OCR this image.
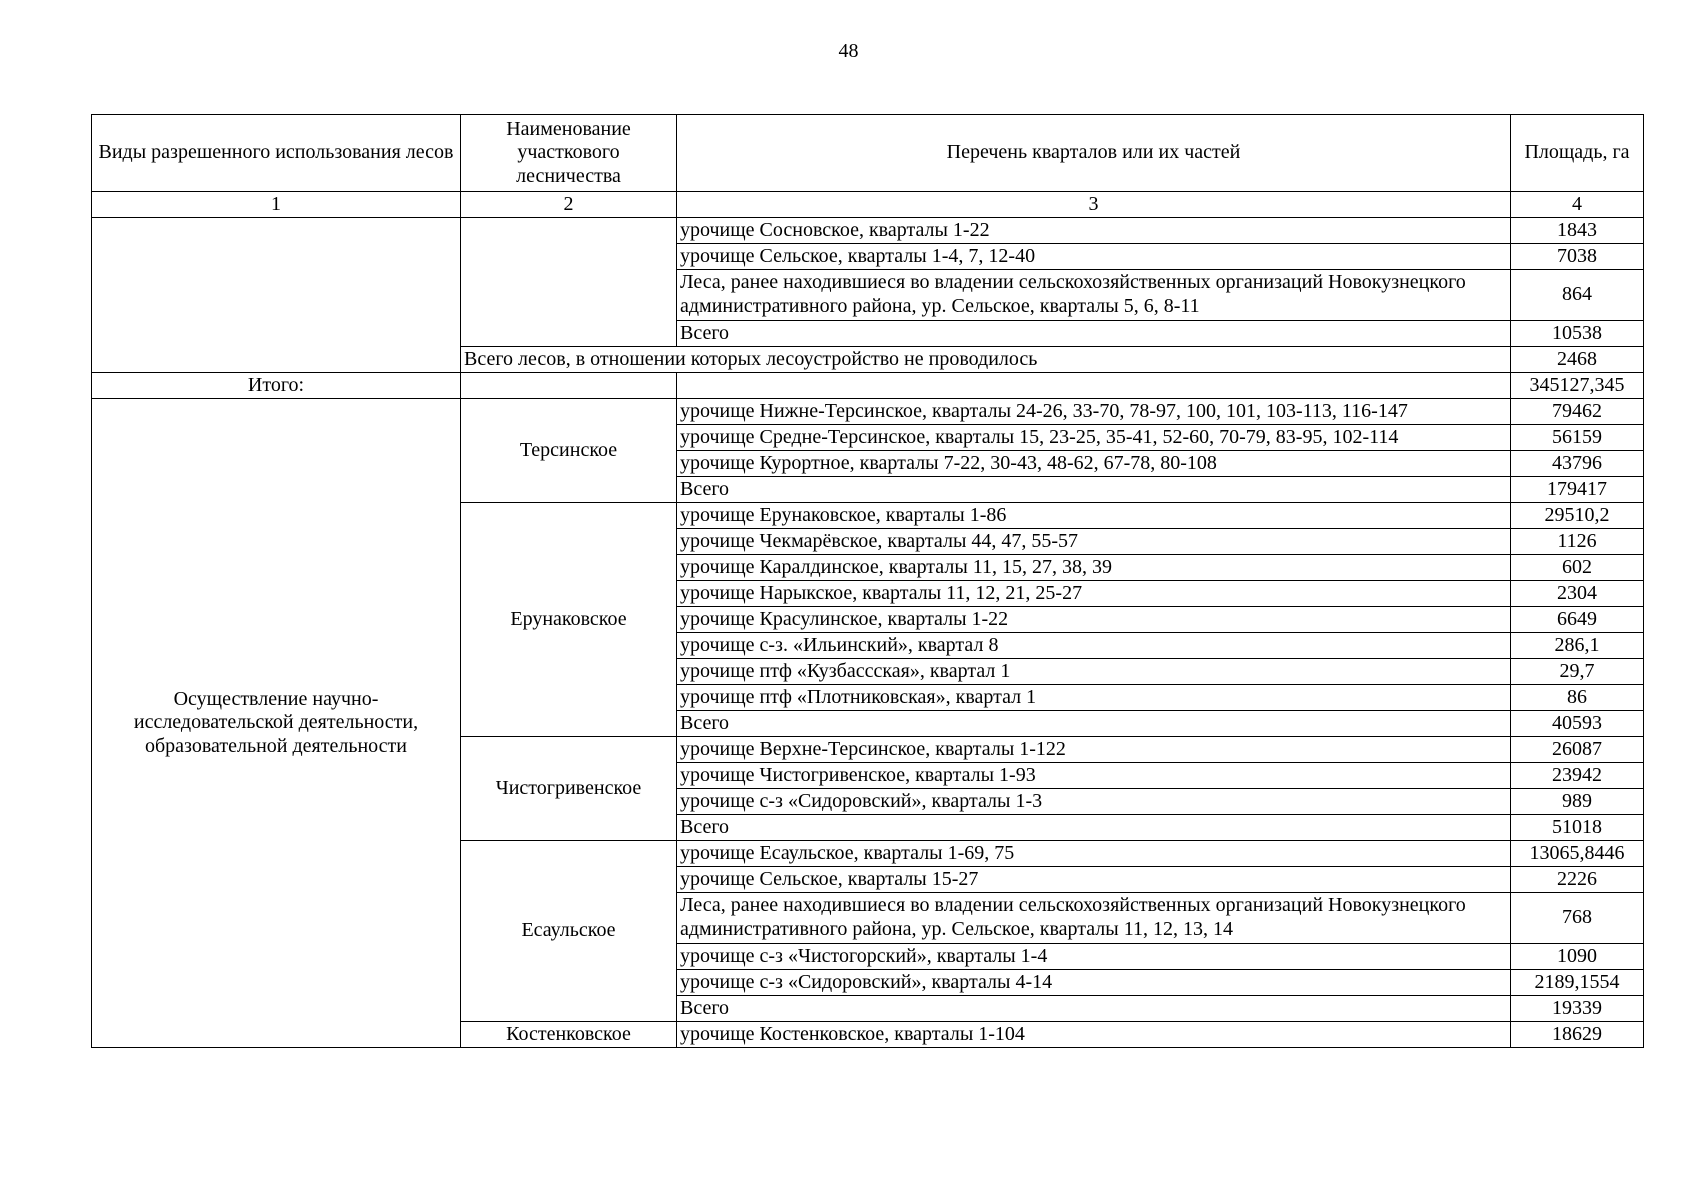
48
Виды разрешенного использования лесов	Наименование участкового лесничества	Перечень кварталов или их частей	Площадь, га
1	2	3	4
		урочище Сосновское, кварталы 1-22	1843
		урочище Сельское, кварталы 1-4, 7, 12-40	7038
		Леса, ранее находившиеся во владении сельскохозяйственных организаций Новокузнецкого административного района, ур. Сельское, кварталы 5, 6, 8-11	864
		Всего	10538
	Всего лесов, в отношении которых лесоустройство не проводилось		2468
Итого:			345127,345
Осуществление научно-исследовательской деятельности, образовательной деятельности	Терсинское	урочище Нижне-Терсинское, кварталы 24-26, 33-70, 78-97, 100, 101, 103-113, 116-147	79462
		урочище Средне-Терсинское, кварталы 15, 23-25, 35-41, 52-60, 70-79, 83-95, 102-114	56159
		урочище Курортное, кварталы 7-22, 30-43, 48-62, 67-78, 80-108	43796
		Всего	179417
	Ерунаковское	урочище Ерунаковское, кварталы 1-86	29510,2
		урочище Чекмарёвское, кварталы 44, 47, 55-57	1126
		урочище Каралдинское, кварталы 11, 15, 27, 38, 39	602
		урочище Нарыкское, кварталы 11, 12, 21, 25-27	2304
		урочище Красулинское, кварталы 1-22	6649
		урочище с-з. «Ильинский», квартал 8	286,1
		урочище птф «Кузбассская», квартал 1	29,7
		урочище птф «Плотниковская», квартал 1	86
		Всего	40593
	Чистогривенское	урочище Верхне-Терсинское, кварталы 1-122	26087
		урочище Чистогривенское, кварталы 1-93	23942
		урочище с-з «Сидоровский», кварталы 1-3	989
		Всего	51018
	Есаульское	урочище Есаульское, кварталы 1-69, 75	13065,8446
		урочище Сельское, кварталы 15-27	2226
		Леса, ранее находившиеся во владении сельскохозяйственных организаций Новокузнецкого административного района, ур. Сельское, кварталы 11, 12, 13, 14	768
		урочище с-з «Чистогорский», кварталы 1-4	1090
		урочище с-з «Сидоровский», кварталы 4-14	2189,1554
		Всего	19339
	Костенковское	урочище Костенковское, кварталы 1-104	18629
